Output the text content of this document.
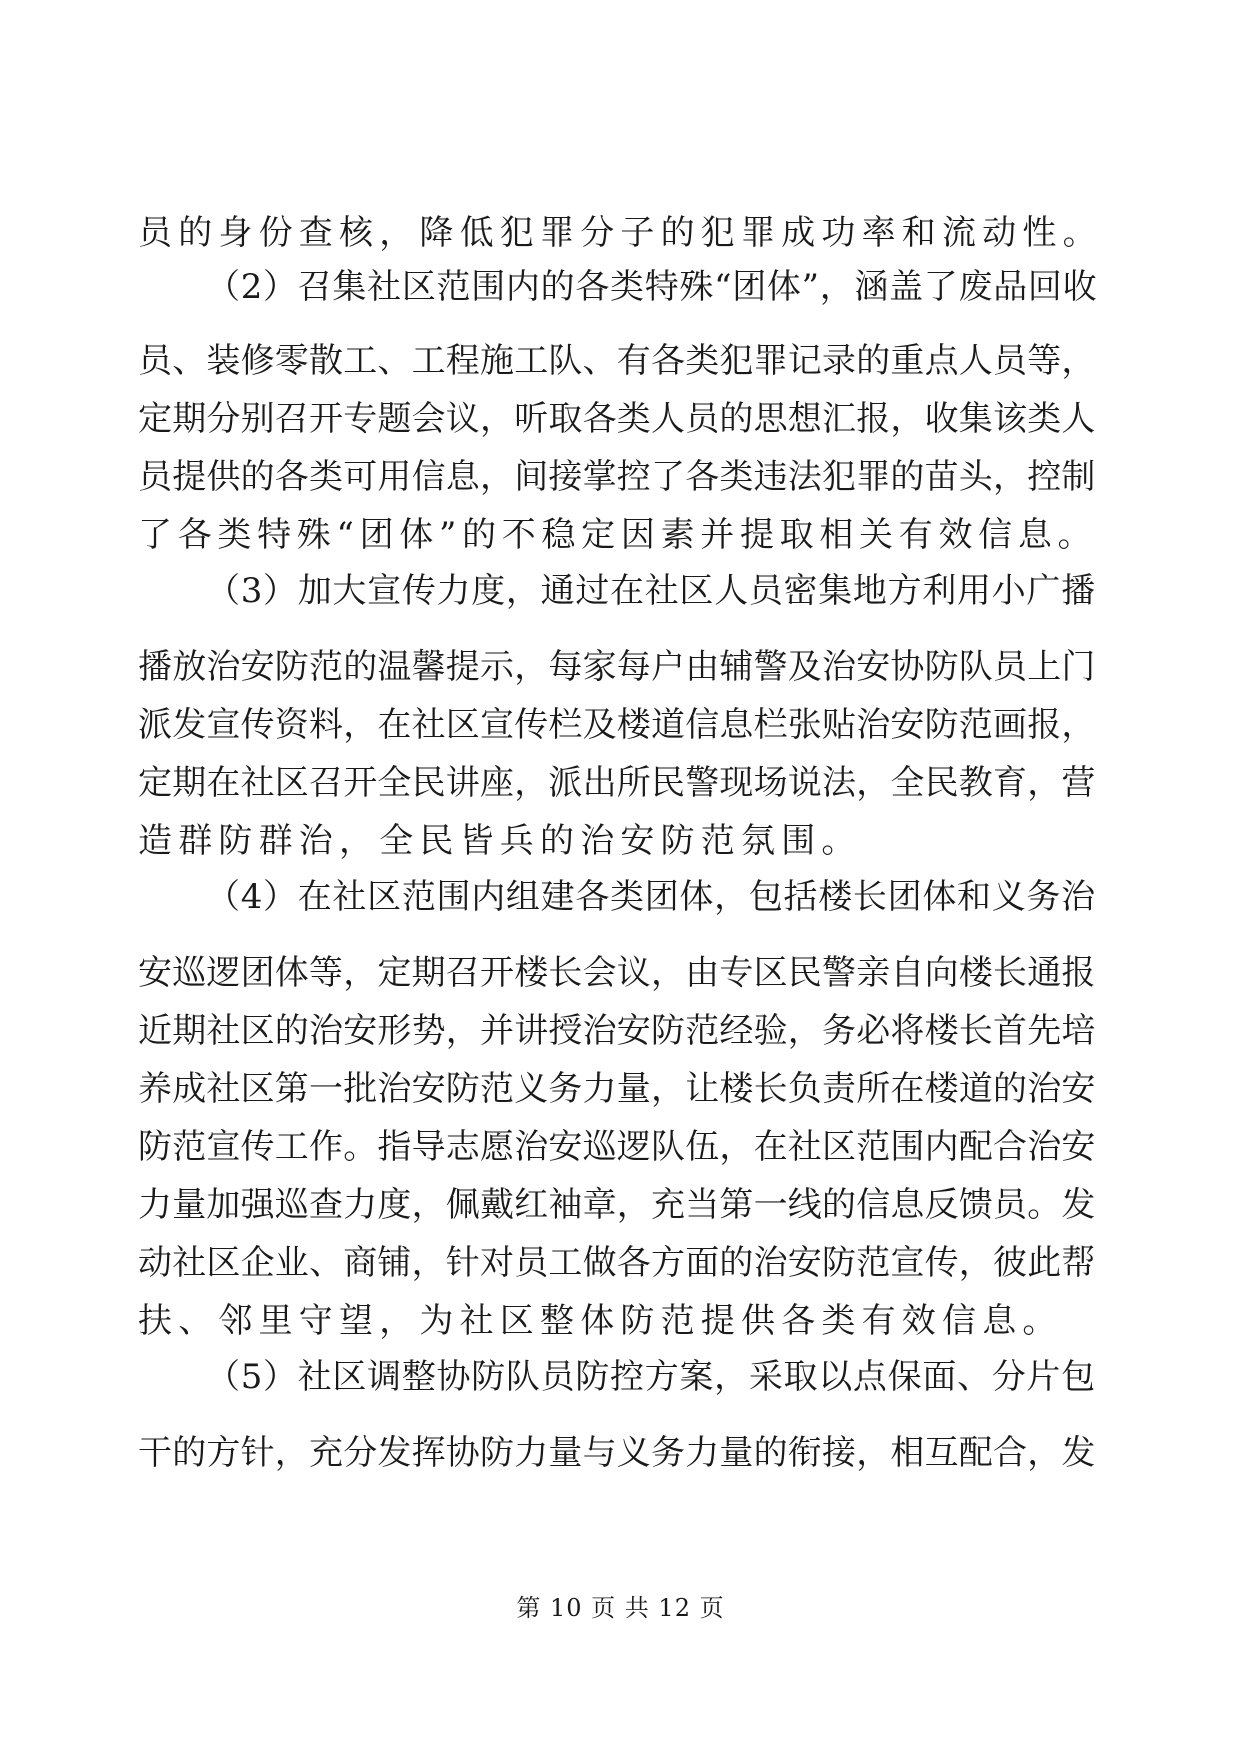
员的身份查核，降低犯罪分子的犯罪成功率和流动性。
（2）召集社区范围内的各类特殊“团体”，涵盖了废品回收
员、装修零散工、工程施工队、有各类犯罪记录的重点人员等，
定期分别召开专题会议，听取各类人员的思想汇报，收集该类人
员提供的各类可用信息，间接掌控了各类违法犯罪的苗头，控制
了各类特殊“团体”的不稳定因素并提取相关有效信息。
（3）加大宣传力度，通过在社区人员密集地方利用小广播
播放治安防范的温馨提示，每家每户由辅警及治安协防队员上门
派发宣传资料，在社区宣传栏及楼道信息栏张贴治安防范画报，
定期在社区召开全民讲座，派出所民警现场说法，全民教育，营
造群防群治，全民皆兵的治安防范氛围。
（4）在社区范围内组建各类团体，包括楼长团体和义务治
安巡逻团体等，定期召开楼长会议，由专区民警亲自向楼长通报
近期社区的治安形势，并讲授治安防范经验，务必将楼长首先培
养成社区第一批治安防范义务力量，让楼长负责所在楼道的治安
防范宣传工作。指导志愿治安巡逻队伍，在社区范围内配合治安
力量加强巡查力度，佩戴红袖章，充当第一线的信息反馈员。发
动社区企业、商铺，针对员工做各方面的治安防范宣传，彼此帮
扶、邻里守望，为社区整体防范提供各类有效信息。
（5）社区调整协防队员防控方案，采取以点保面、分片包
干的方针，充分发挥协防力量与义务力量的衔接，相互配合，发
第 10 页 共 12 页
